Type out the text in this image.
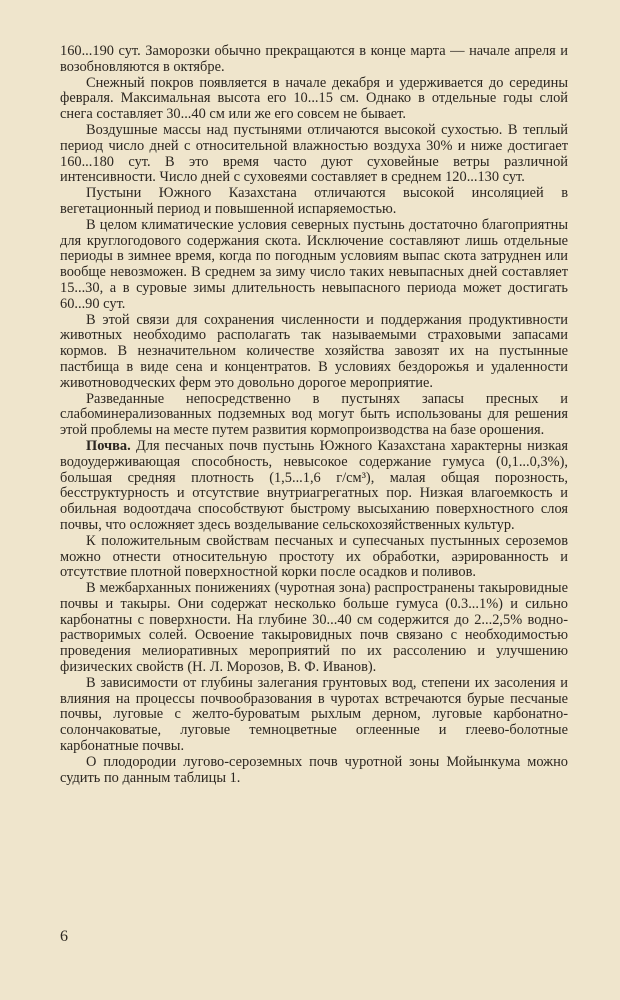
160...190 сут. Заморозки обычно прекращаются в конце марта — начале апреля и возобновляются в октябре.

Снежный покров появляется в начале декабря и удерживается до середины февраля. Максимальная высота его 10...15 см. Однако в отдельные годы слой снега составляет 30...40 см или же его совсем не бывает.

Воздушные массы над пустынями отличаются высокой сухостью. В теплый период число дней с относительной влажностью воздуха 30% и ниже достигает 160...180 сут. В это время часто дуют суховейные ветры различной интенсивности. Число дней с суховеями составляет в среднем 120...130 сут.

Пустыни Южного Казахстана отличаются высокой инсоляцией в вегетационный период и повышенной испаряемостью.

В целом климатические условия северных пустынь достаточно благоприятны для круглогодового содержания скота. Исключение составляют лишь отдельные периоды в зимнее время, когда по погодным условиям выпас скота затруднен или вообще невозможен. В среднем за зиму число таких невыпасных дней составляет 15...30, а в суровые зимы длительность невыпасного периода может достигать 60...90 сут.

В этой связи для сохранения численности и поддержания продуктивности животных необходимо располагать так называемыми страховыми запасами кормов. В незначительном количестве хозяйства завозят их на пустынные пастбища в виде сена и концентратов. В условиях бездорожья и удаленности животноводческих ферм это довольно дорогое мероприятие.

Разведанные непосредственно в пустынях запасы пресных и слабоминерализованных подземных вод могут быть использованы для решения этой проблемы на месте путем развития кормопроизводства на базе орошения.

Почва. Для песчаных почв пустынь Южного Казахстана характерны низкая водоудерживающая способность, невысокое содержание гумуса (0,1...0,3%), большая средняя плотность (1,5...1,6 г/см³), малая общая порозность, бесструктурность и отсутствие внутриагрегатных пор. Низкая влагоемкость и обильная водоотдача способствуют быстрому высыханию поверхностного слоя почвы, что осложняет здесь возделывание сельскохозяйственных культур.

К положительным свойствам песчаных и супесчаных пустынных сероземов можно отнести относительную простоту их обработки, аэрированность и отсутствие плотной поверхностной корки после осадков и поливов.

В межбарханных понижениях (чуротная зона) распространены такыровидные почвы и такыры. Они содержат несколько больше гумуса (0.3...1%) и сильно карбонатны с поверхности. На глубине 30...40 см содержится до 2...2,5% водно-растворимых солей. Освоение такыровидных почв связано с необходимостью проведения мелиоративных мероприятий по их рассолению и улучшению физических свойств (Н. Л. Морозов, В. Ф. Иванов).

В зависимости от глубины залегания грунтовых вод, степени их засоления и влияния на процессы почвообразования в чуротах встречаются бурые песчаные почвы, луговые с желто-буроватым рыхлым дерном, луговые карбонатно-солончаковатые, луговые темноцветные оглеенные и глеево-болотные карбонатные почвы.

О плодородии лугово-сероземных почв чуротной зоны Мойынкума можно судить по данным таблицы 1.

6
